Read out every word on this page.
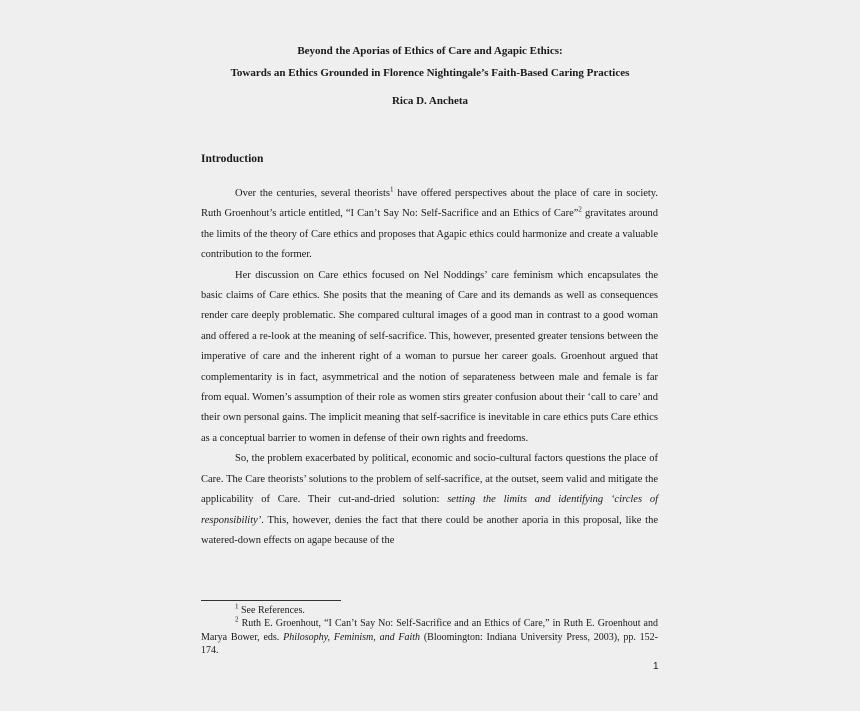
Beyond the Aporias of Ethics of Care and Agapic Ethics:
Towards an Ethics Grounded in Florence Nightingale’s Faith-Based Caring Practices
Rica D. Ancheta
Introduction

Over the centuries, several theorists$^1$ have offered perspectives about the place of care in society. Ruth Groenhout’s article entitled, “I Can’t Say No: Self-Sacrifice and an Ethics of Care”$^2$ gravitates around the limits of the theory of Care ethics and proposes that Agapic ethics could harmonize and create a valuable contribution to the former.

Her discussion on Care ethics focused on Nel Noddings’ care feminism which encapsulates the basic claims of Care ethics. She posits that the meaning of Care and its demands as well as consequences render care deeply problematic. She compared cultural images of a good man in contrast to a good woman and offered a re-look at the meaning of self-sacrifice. This, however, presented greater tensions between the imperative of care and the inherent right of a woman to pursue her career goals. Groenhout argued that complementarity is in fact, asymmetrical and the notion of separateness between male and female is far from equal. Women’s assumption of their role as women stirs greater confusion about their ‘call to care’ and their own personal gains. The implicit meaning that self-sacrifice is inevitable in care ethics puts Care ethics as a conceptual barrier to women in defense of their own rights and freedoms.

So, the problem exacerbated by political, economic and socio-cultural factors questions the place of Care. The Care theorists’ solutions to the problem of self-sacrifice, at the outset, seem valid and mitigate the applicability of Care. Their cut-and-dried solution: setting the limits and identifying ‘circles of responsibility’. This, however, denies the fact that there could be another aporia in this proposal, like the watered-down effects on agape because of the

$^1$ See References.

$^2$ Ruth E. Groenhout, “I Can’t Say No: Self-Sacrifice and an Ethics of Care,” in Ruth E. Groenhout and Marya Bower, eds. Philosophy, Feminism, and Faith (Bloomington: Indiana University Press, 2003), pp. 152-174.

1
